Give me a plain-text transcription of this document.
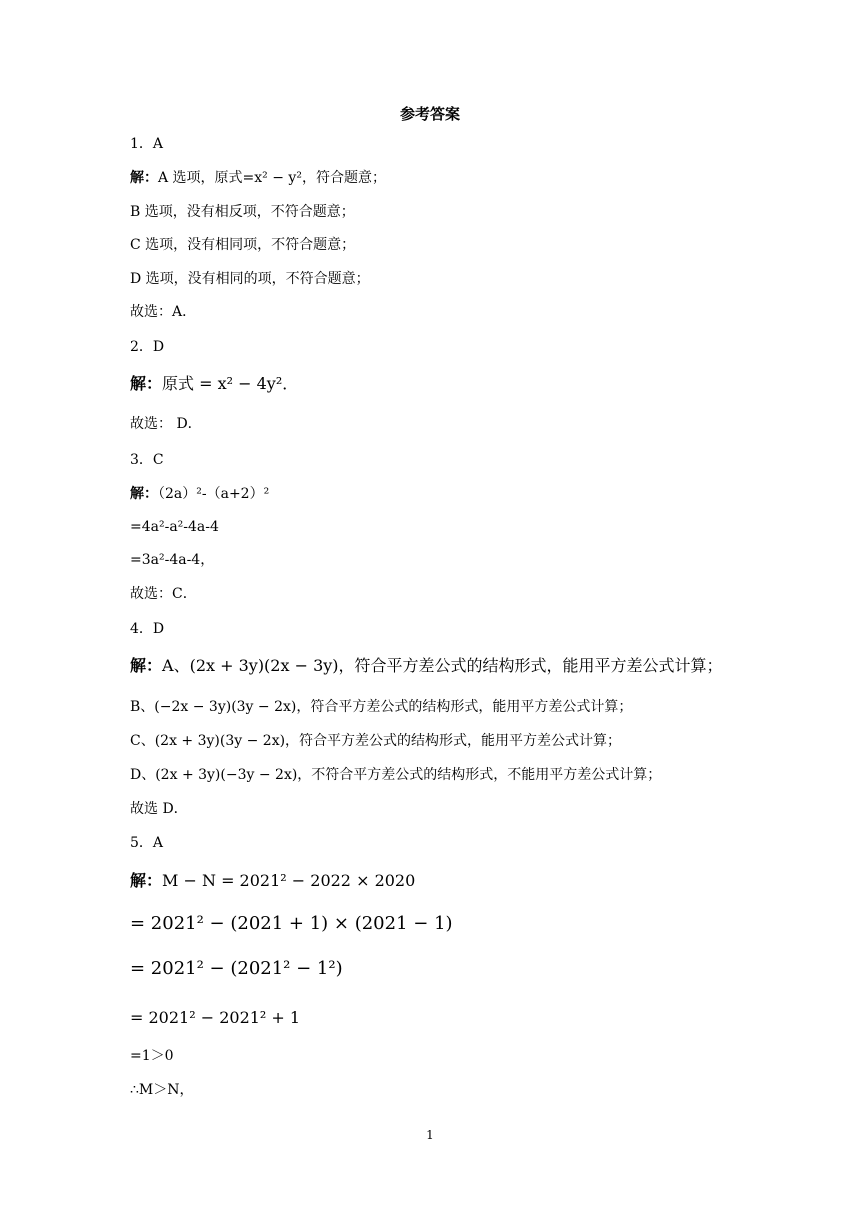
参考答案
1．A
解：A 选项，原式=x² − y²，符合题意；
B 选项，没有相反项，不符合题意；
C 选项，没有相同项，不符合题意；
D 选项，没有相同的项，不符合题意；
故选：A．
2．D
解：原式 = x² − 4y²．
故选： D．
3．C
解：（2a）²-（a+2）²
=4a²-a²-4a-4
=3a²-4a-4，
故选：C．
4．D
解：A、(2x + 3y)(2x − 3y)，符合平方差公式的结构形式，能用平方差公式计算；
B、(−2x − 3y)(3y − 2x)，符合平方差公式的结构形式，能用平方差公式计算；
C、(2x + 3y)(3y − 2x)，符合平方差公式的结构形式，能用平方差公式计算；
D、(2x + 3y)(−3y − 2x)，不符合平方差公式的结构形式，不能用平方差公式计算；
故选 D．
5．A
解：M − N = 2021² − 2022 × 2020
= 2021² − (2021 + 1) × (2021 − 1)
= 2021² − (2021² − 1²)
= 2021² − 2021² + 1
=1＞0
∴M＞N，
1
